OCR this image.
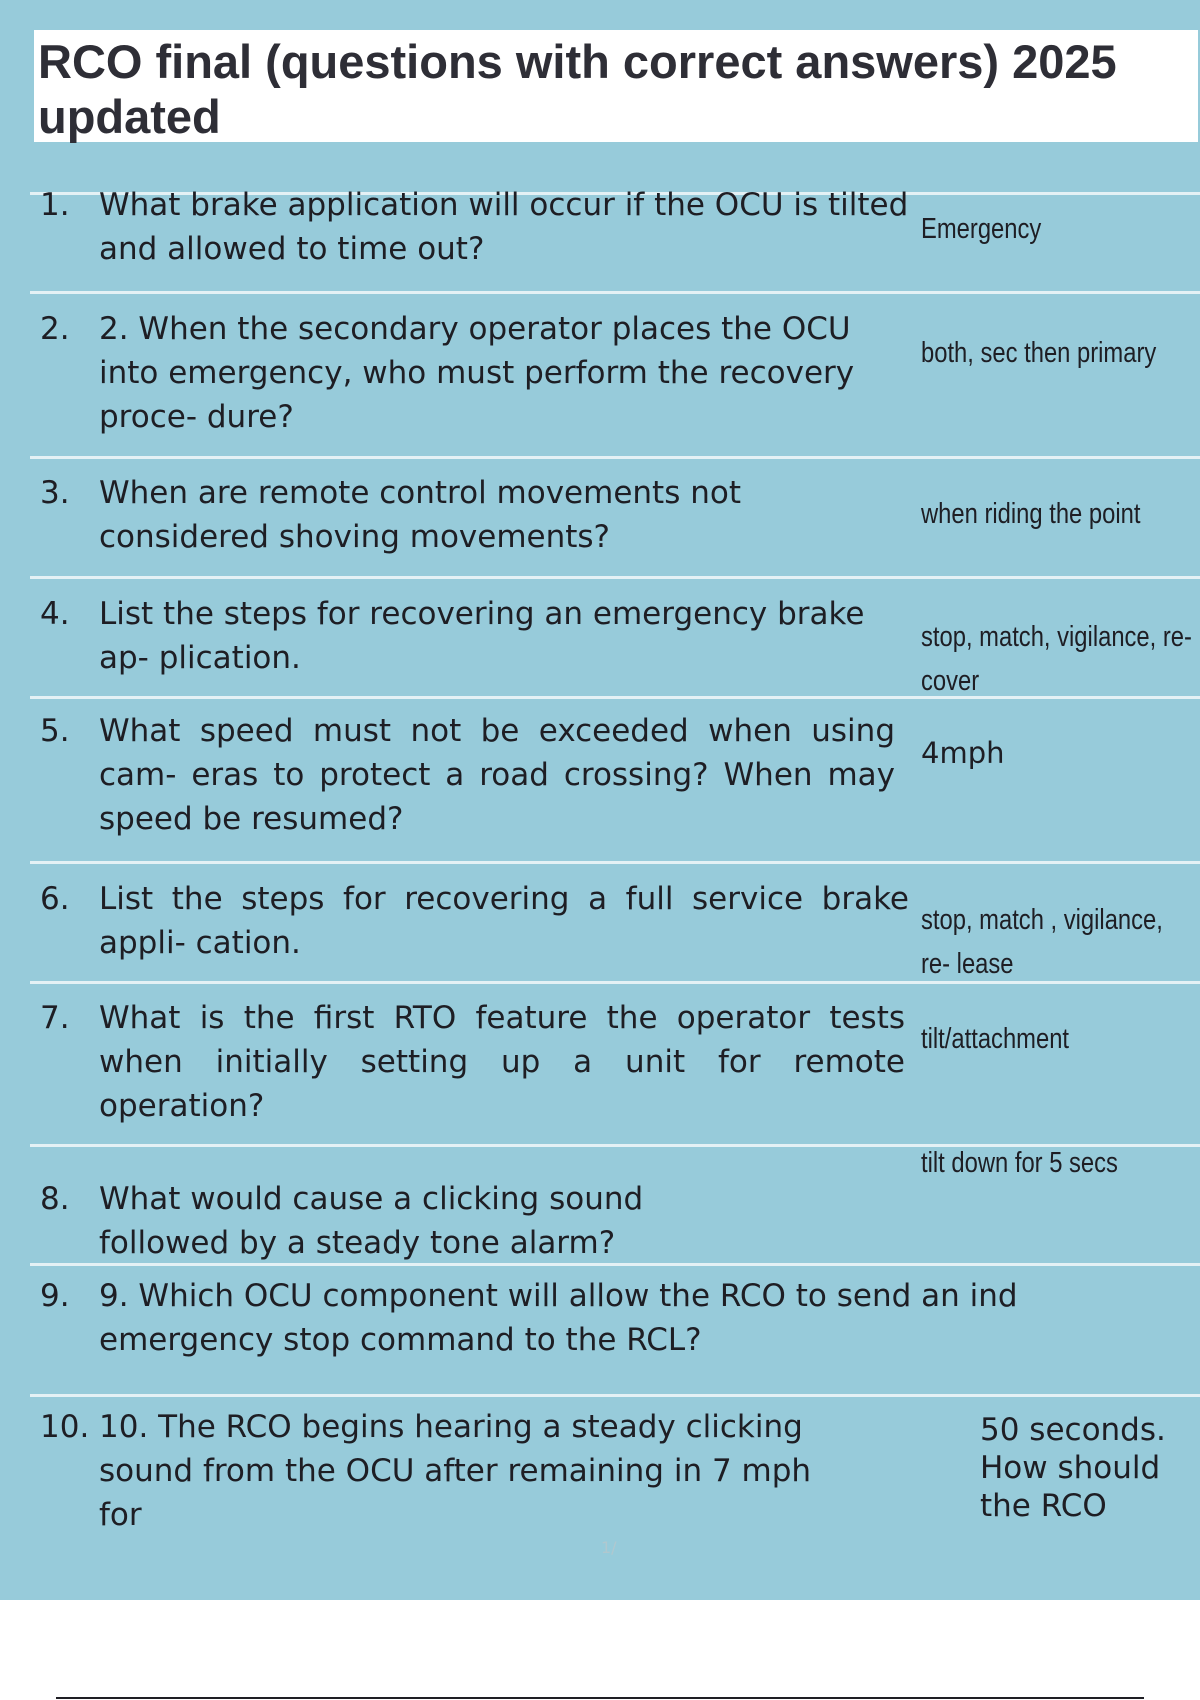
RCO final (questions with correct answers) 2025 updated
1. What brake application will occur if the OCU is tilted and allowed to time out?
Emergency
2. 2. When the secondary operator places the OCU into emergency, who must perform the recovery proce- dure?
both, sec then primary
3. When are remote control movements not considered shoving movements?
when riding the point
4. List the steps for recovering an emergency brake ap- plication.
stop, match, vigilance, re-
cover
5. What speed must not be exceeded when using cam- eras to protect a road crossing? When may speed be resumed?
4mph
6. List the steps for recovering a full service brake appli- cation.
stop, match , vigilance,
re- lease
7. What is the first RTO feature the operator tests when initially setting up a unit for remote operation?
tilt/attachment
8. What would cause a clicking sound followed by a steady tone alarm?
tilt down for 5 secs
9. 9. Which OCU component will allow the RCO to send an ind emergency stop command to the RCL?
10. 10. The RCO begins hearing a steady clicking sound from the OCU after remaining in 7 mph for
50 seconds. How should the RCO
1/
